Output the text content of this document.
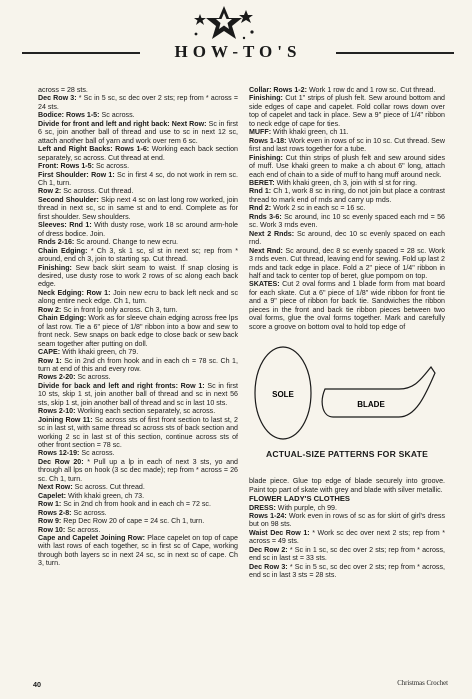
HOW-TO'S

across = 28 sts.

Dec Row 3: * Sc in 5 sc, sc dec over 2 sts; rep from * across = 24 sts.

Bodice: Rows 1-5: Sc across.

Divide for front and left and right back: Next Row: Sc in first 6 sc, join another ball of thread and use to sc in next 12 sc, attach another ball of yarn and work over rem 6 sc.

Left and Right Backs: Rows 1-6: Working each back section separately, sc across. Cut thread at end.

Front: Rows 1-5: Sc across.

First Shoulder: Row 1: Sc in first 4 sc, do not work in rem sc. Ch 1, turn.

Row 2: Sc across. Cut thread.

Second Shoulder: Skip next 4 sc on last long row worked, join thread in next sc, sc in same st and to end. Complete as for first shoulder. Sew shoulders.

Sleeves: Rnd 1: With dusty rose, work 18 sc around arm-hole of dress bodice. Join.

Rnds 2-16: Sc around. Change to new ecru.

Chain Edging: * Ch 3, sk 1 sc, sl st in next sc; rep from * around, end ch 3, join to starting sp. Cut thread.

Finishing: Sew back skirt seam to waist. If snap closing is desired, use dusty rose to work 2 rows of sc along each back edge.

Neck Edging: Row 1: Join new ecru to back left neck and sc along entire neck edge. Ch 1, turn.

Row 2: Sc in front lp only across. Ch 3, turn.

Chain Edging: Work as for sleeve chain edging across free lps of last row. Tie a 6" piece of 1/8" ribbon into a bow and sew to front neck. Sew snaps on back edge to close back or sew back seam together after putting on doll.

CAPE: With khaki green, ch 79.

Row 1: Sc in 2nd ch from hook and in each ch = 78 sc. Ch 1, turn at end of this and every row.

Rows 2-20: Sc across.

Divide for back and left and right fronts: Row 1: Sc in first 10 sts, skip 1 st, join another ball of thread and sc in next 56 sts, skip 1 st, join another ball of thread and sc in last 10 sts.

Rows 2-10: Working each section separately, sc across.

Joining Row 11: Sc across sts of first front section to last st, 2 sc in last st, with same thread sc across sts of back section and working 2 sc in last st of this section, continue across sts of other front section = 78 sc.

Rows 12-19: Sc across.

Dec Row 20: * Pull up a lp in each of next 3 sts, yo and through all lps on hook (3 sc dec made); rep from * across = 26 sc. Ch 1, turn.

Next Row: Sc across. Cut thread.

Capelet: With khaki green, ch 73.

Row 1: Sc in 2nd ch from hook and in each ch = 72 sc.

Rows 2-8: Sc across.

Row 9: Rep Dec Row 20 of cape = 24 sc. Ch 1, turn.

Row 10: Sc across.

Cape and Capelet Joining Row: Place capelet on top of cape with last rows of each together, sc in first sc of Cape, working through both layers sc in next 24 sc, sc in next sc of cape. Ch 3, turn.

Collar: Rows 1-2: Work 1 row dc and 1 row sc. Cut thread.

Finishing: Cut 1" strips of plush felt. Sew around bottom and side edges of cape and capelet. Fold collar rows down over top of capelet and tack in place. Sew a 9" piece of 1/4" ribbon to neck edge of cape for ties.

MUFF: With khaki green, ch 11.

Rows 1-18: Work even in rows of sc in 10 sc. Cut thread. Sew first and last rows together for a tube.

Finishing: Cut thin strips of plush felt and sew around sides of muff. Use khaki green to make a ch about 6" long, attach each end of chain to a side of muff to hang muff around neck.

BERET: With khaki green, ch 3, join with sl st for ring.

Rnd 1: Ch 1, work 8 sc in ring, do not join but place a contrast thread to mark end of rnds and carry up rnds.

Rnd 2: Work 2 sc in each sc = 16 sc.

Rnds 3-6: Sc around, inc 10 sc evenly spaced each rnd = 56 sc. Work 3 rnds even.

Next 2 Rnds: Sc around, dec 10 sc evenly spaced on each rnd.

Next Rnd: Sc around, dec 8 sc evenly spaced = 28 sc. Work 3 rnds even. Cut thread, leaving end for sewing. Fold up last 2 rnds and tack edge in place. Fold a 2" piece of 1/4" ribbon in half and tack to center top of beret, glue pompom on top.

SKATES: Cut 2 oval forms and 1 blade form from mat board for each skate. Cut a 6" piece of 1/8" wide ribbon for front tie and a 9" piece of ribbon for back tie. Sandwiches the ribbon pieces in the front and back tie ribbon pieces between two oval forms, glue the oval forms together. Mark and carefully score a groove on bottom oval to hold top edge of

SOLE
BLADE
ACTUAL-SIZE PATTERNS FOR SKATE

blade piece. Glue top edge of blade securely into groove. Paint top part of skate with grey and blade with silver metallic.

FLOWER LADY'S CLOTHES

DRESS: With purple, ch 99.

Rows 1-24: Work even in rows of sc as for skirt of girl's dress but on 98 sts.

Waist Dec Row 1: * Work sc dec over next 2 sts; rep from * across = 49 sts.

Dec Row 2: * Sc in 1 sc, sc dec over 2 sts; rep from * across, end sc in last st = 33 sts.

Dec Row 3: * Sc in 5 sc, sc dec over 2 sts; rep from * across, end sc in last 3 sts = 28 sts.

40	Christmas Crochet
